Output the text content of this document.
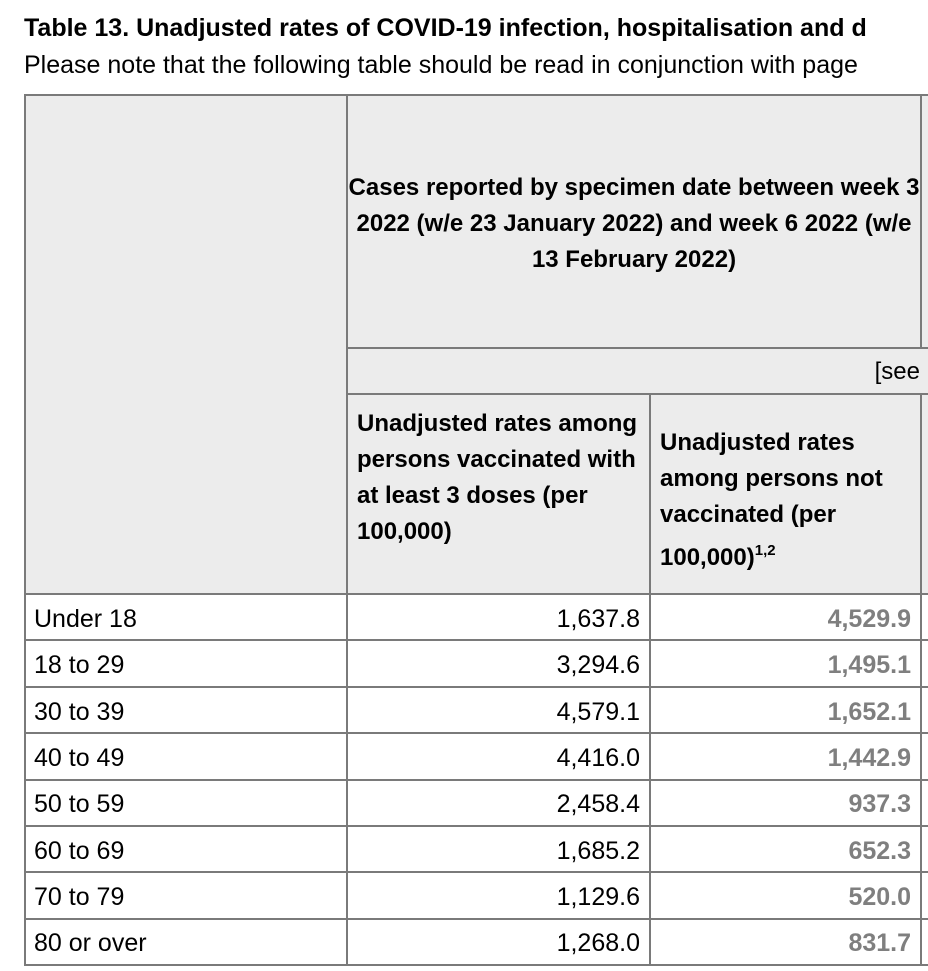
Table 13. Unadjusted rates of COVID-19 infection, hospitalisation and d
Please note that the following table should be read in conjunction with page
Cases reported by specimen date between week 3 2022 (w/e 23 January 2022) and week 6 2022 (w/e 13 February 2022)
[see
Unadjusted rates among persons vaccinated with at least 3 doses (per 100,000)
Unadjusted rates among persons not vaccinated (per 100,000)$^{1,2}$
Under 18	1,637.8	4,529.9
18 to 29	3,294.6	1,495.1
30 to 39	4,579.1	1,652.1
40 to 49	4,416.0	1,442.9
50 to 59	2,458.4	937.3
60 to 69	1,685.2	652.3
70 to 79	1,129.6	520.0
80 or over	1,268.0	831.7
